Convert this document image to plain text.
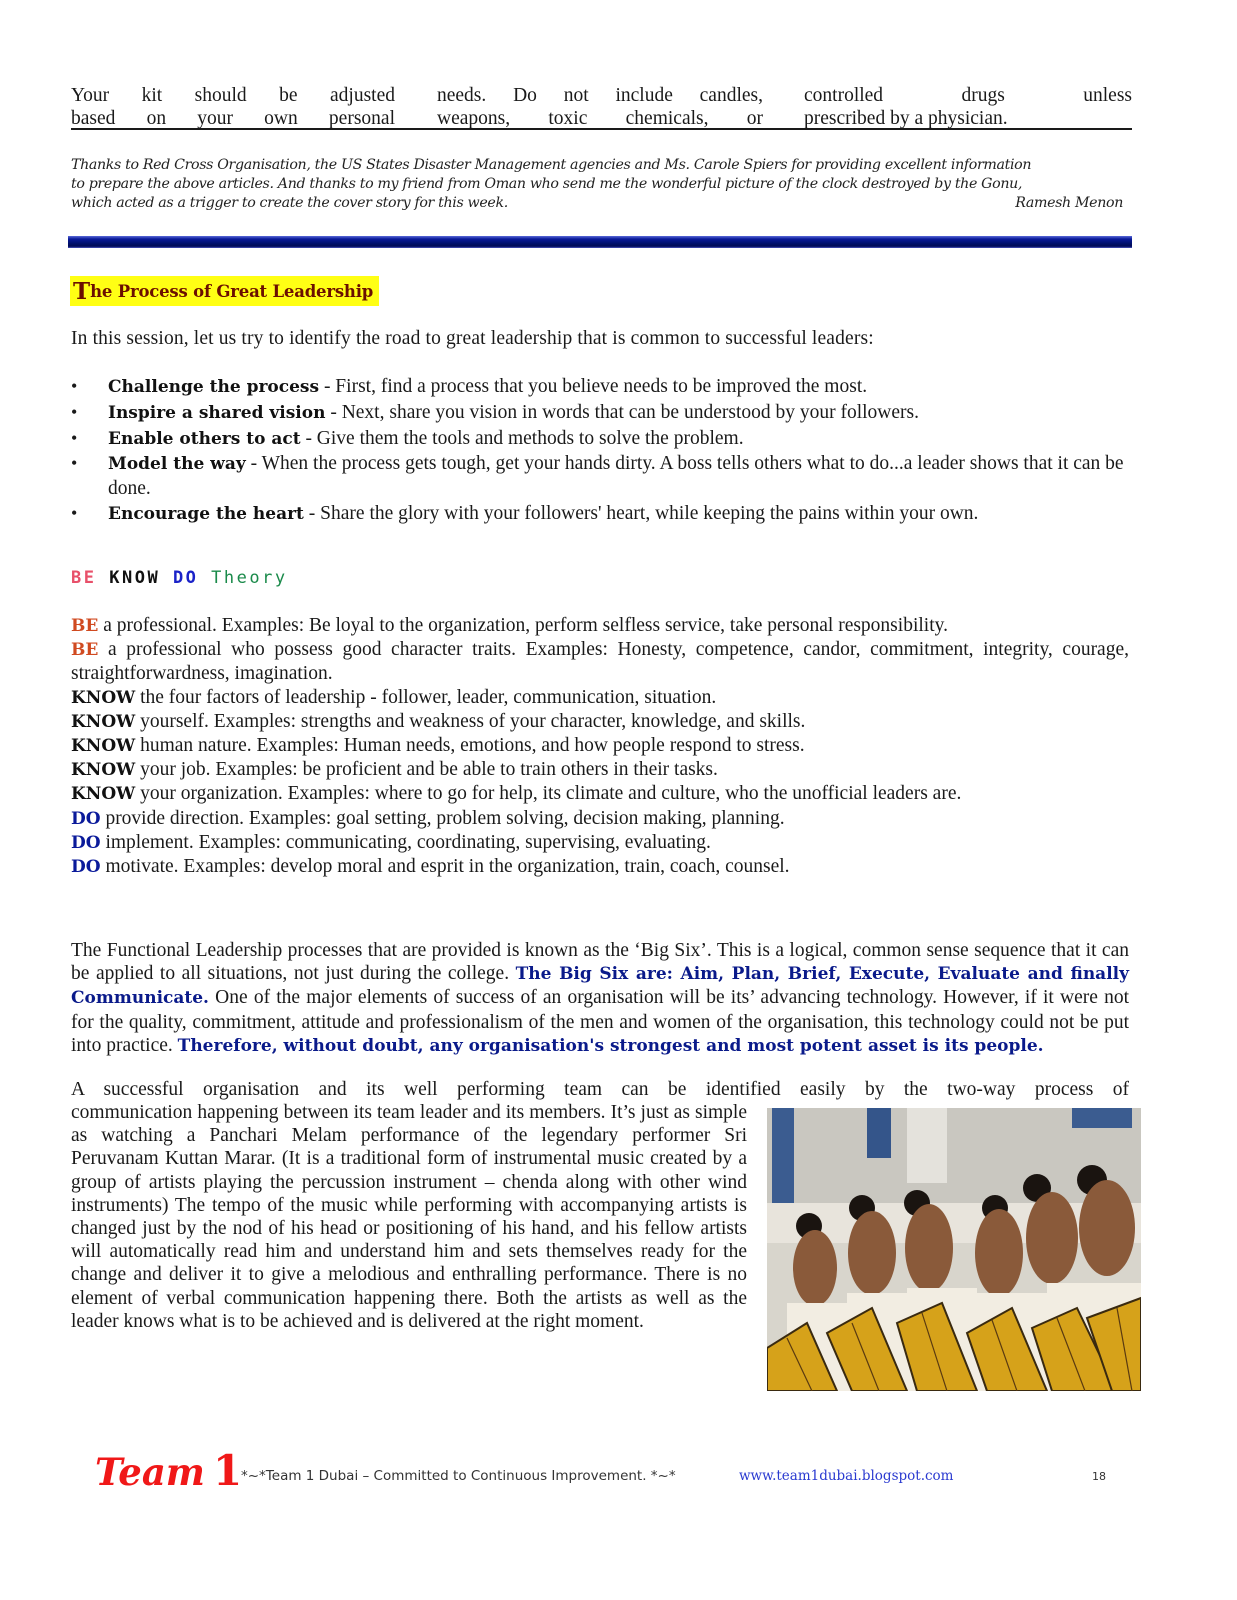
Your kit should be adjusted
based on your own personal
needs. Do not include candles,
weapons, toxic chemicals, or
controlled drugs unless
prescribed by a physician.

Thanks to Red Cross Organisation, the US States Disaster Management agencies and Ms. Carole Spiers for providing excellent information

to prepare the above articles. And thanks to my friend from Oman who send me the wonderful picture of the clock destroyed by the Gonu,

which acted as a trigger to create the cover story for this week.	Ramesh Menon

T he Process of Great Leadership

In this session, let us try to identify the road to great leadership that is common to successful leaders:

• Challenge the process - First, find a process that you believe needs to be improved the most.
• Inspire a shared vision - Next, share you vision in words that can be understood by your followers.
• Enable others to act - Give them the tools and methods to solve the problem.
• Model the way - When the process gets tough, get your hands dirty. A boss tells others what to do...a leader shows that it can be done.
• Encourage the heart - Share the glory with your followers' heart, while keeping the pains within your own.
BE KNOW DO Theory

BE a professional. Examples: Be loyal to the organization, perform selfless service, take personal responsibility.

BE a professional who possess good character traits. Examples: Honesty, competence, candor, commitment, integrity, courage, straightforwardness, imagination.

KNOW the four factors of leadership - follower, leader, communication, situation.

KNOW yourself. Examples: strengths and weakness of your character, knowledge, and skills.

KNOW human nature. Examples: Human needs, emotions, and how people respond to stress.

KNOW your job. Examples: be proficient and be able to train others in their tasks.

KNOW your organization. Examples: where to go for help, its climate and culture, who the unofficial leaders are.

DO provide direction. Examples: goal setting, problem solving, decision making, planning.

DO implement. Examples: communicating, coordinating, supervising, evaluating.

DO motivate. Examples: develop moral and esprit in the organization, train, coach, counsel.

The Functional Leadership processes that are provided is known as the ‘Big Six’. This is a logical, common sense sequence that it can be applied to all situations, not just during the college. The Big Six are: Aim, Plan, Brief, Execute, Evaluate and finally Communicate. One of the major elements of success of an organisation will be its’ advancing technology. However, if it were not for the quality, commitment, attitude and professionalism of the men and women of the organisation, this technology could not be put into practice. Therefore, without doubt, any organisation's strongest and most potent asset is its people.

A successful organisation and its well performing team can be identified easily by the two-way process of

communication happening between its team leader and its members. It’s just as simple as watching a Panchari Melam performance of the legendary performer Sri Peruvanam Kuttan Marar. (It is a traditional form of instrumental music created by a group of artists playing the percussion instrument – chenda along with other wind instruments) The tempo of the music while performing with accompanying artists is changed just by the nod of his head or positioning of his hand, and his fellow artists will automatically read him and understand him and sets themselves ready for the change and deliver it to give a melodious and enthralling performance. There is no element of verbal communication happening there. Both the artists as well as the leader knows what is to be achieved and is delivered at the right moment.

Team 1
*~*Team 1 Dubai – Committed to Continuous Improvement. *~*	www.team1dubai.blogspot.com	18
